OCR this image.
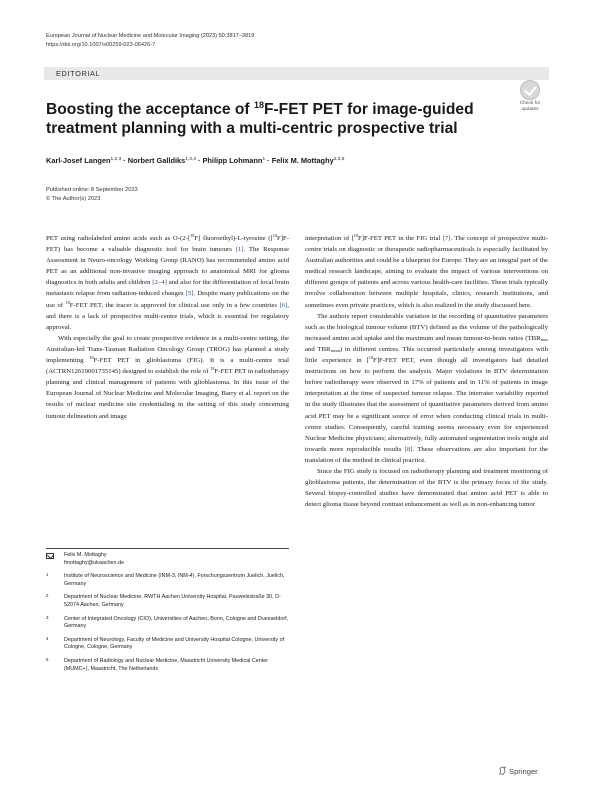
European Journal of Nuclear Medicine and Molecular Imaging (2023) 50:3817–3819
https://doi.org/10.1007/s00259-023-06426-7
EDITORIAL
Check for
updates
Boosting the acceptance of $^{18}$F-FET PET for image-guided treatment planning with a multi-centric prospective trial
Karl-Josef Langen$^{1,2,3}$ · Norbert Galldiks$^{1,3,4}$ · Philipp Lohmann$^1$ · Felix M. Mottaghy$^{2,3,5}$
Published online: 8 September 2023
© The Author(s) 2023

PET using radiolabeled amino acids such as O-(2-[$^{18}$F] fluoroethyl)-L-tyrosine ([$^{18}$F]F-FET) has become a valuable diagnostic tool for brain tumours [1]. The Response Assessment in Neuro-oncology Working Group (RANO) has recommended amino acid PET as an additional non-invasive imaging approach to anatomical MRI for glioma diagnostics in both adults and children [2–4] and also for the differentiation of local brain metastasis relapse from radiation-induced changes [5]. Despite many publications on the use of $^{18}$F-FET PET, the tracer is approved for clinical use only in a few countries [6], and there is a lack of prospective multi-centre trials, which is essential for regulatory approval.

With especially the goal to create prospective evidence in a multi-centre setting, the Australian-led Trans-Tasman Radiation Oncology Group (TROG) has planned a study implementing $^{18}$F-FET PET in glioblastoma (FIG). It is a multi-centre trial (ACTRN12619001735145) designed to establish the role of $^{18}$F-FET PET in radiotherapy planning and clinical management of patients with glioblastoma. In this issue of the European Journal of Nuclear Medicine and Molecular Imaging, Barry et al. report on the results of nuclear medicine site credentialing in the setting of this study concerning tumour delineation and image

interpretation of [$^{18}$F]F-FET PET in the FIG trial [7]. The concept of prospective multi-centre trials on diagnostic or therapeutic radiopharmaceuticals is especially facilitated by Australian authorities and could be a blueprint for Europe. They are an integral part of the medical research landscape, aiming to evaluate the impact of various interventions on different groups of patients and across various health-care facilities. These trials typically involve collaboration between multiple hospitals, clinics, research institutions, and sometimes even private practices, which is also realized in the study discussed here.

The authors report considerable variation in the recording of quantitative parameters such as the biological tumour volume (BTV) defined as the volume of the pathologically increased amino acid uptake and the maximum and mean tumour-to-brain ratios ($TBR_{max}$ and $TBR_{mean}$) in different centres. This occurred particularly among investigators with little experience in [$^{18}$F]F-FET PET, even though all investigators had detailed instructions on how to perform the analysis. Major violations in BTV determination before radiotherapy were observed in 17% of patients and in 11% of patients in image interpretation at the time of suspected tumour relapse. The interrater variability reported in the study illustrates that the assessment of quantitative parameters derived from amino acid PET may be a significant source of error when conducting clinical trials in multi-centre studies. Consequently, careful training seems necessary even for experienced Nuclear Medicine physicians; alternatively, fully automated segmentation tools might aid towards more reproducible results [8]. These observations are also important for the translation of the method in clinical practice.

Since the FIG study is focused on radiotherapy planning and treatment monitoring of glioblastoma patients, the determination of the BTV is the primary focus of the study. Several biopsy-controlled studies have demonstrated that amino acid PET is able to detect glioma tissue beyond contrast enhancement as well as in non-enhancing tumor

Felix M. Mottaghy
fmottaghy@ukaachen.de
1	Institute of Neuroscience and Medicine (INM-3, INM-4), Forschungszentrum Juelich, Juelich, Germany
2	Department of Nuclear Medicine, RWTH Aachen University Hospital, Pauwelsstraße 30, D-52074 Aachen, Germany
3	Center of Integrated Oncology (CIO), Universities of Aachen, Bonn, Cologne and Duesseldorf, Germany
4	Department of Neurology, Faculty of Medicine and University Hospital Cologne, University of Cologne, Cologne, Germany
5	Department of Radiology and Nuclear Medicine, Maastricht University Medical Center (MUMC+), Maastricht, The Netherlands
Springer
